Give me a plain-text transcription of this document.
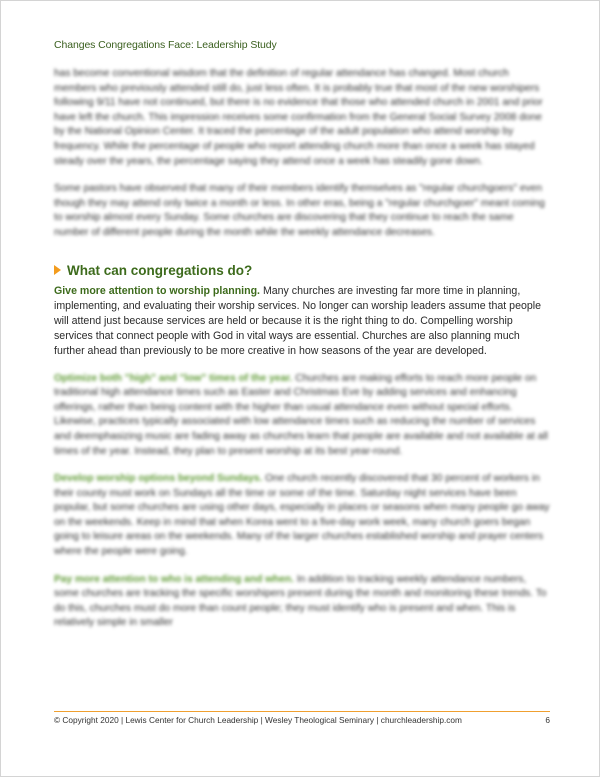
Changes Congregations Face: Leadership Study

has become conventional wisdom that the definition of regular attendance has changed. Most church members who previously attended still do, just less often. It is probably true that most of the new worshipers following 9/11 have not continued, but there is no evidence that those who attended church in 2001 and prior have left the church. This impression receives some confirmation from the General Social Survey 2008 done by the National Opinion Center. It traced the percentage of the adult population who attend worship by frequency. While the percentage of people who report attending church more than once a week has stayed steady over the years, the percentage saying they attend once a week has steadily gone down.

Some pastors have observed that many of their members identify themselves as "regular churchgoers" even though they may attend only twice a month or less. In other eras, being a "regular churchgoer" meant coming to worship almost every Sunday. Some churches are discovering that they continue to reach the same number of different people during the month while the weekly attendance decreases.

What can congregations do?

Give more attention to worship planning. Many churches are investing far more time in planning, implementing, and evaluating their worship services. No longer can worship leaders assume that people will attend just because services are held or because it is the right thing to do. Compelling worship services that connect people with God in vital ways are essential. Churches are also planning much further ahead than previously to be more creative in how seasons of the year are developed.

Optimize both "high" and "low" times of the year. Churches are making efforts to reach more people on traditional high attendance times such as Easter and Christmas Eve by adding services and enhancing offerings, rather than being content with the higher than usual attendance even without special efforts. Likewise, practices typically associated with low attendance times such as reducing the number of services and deemphasizing music are fading away as churches learn that people are available and not available at all times of the year. Instead, they plan to present worship at its best year-round.

Develop worship options beyond Sundays. One church recently discovered that 30 percent of workers in their county must work on Sundays all the time or some of the time. Saturday night services have been popular, but some churches are using other days, especially in places or seasons when many people go away on the weekends. Keep in mind that when Korea went to a five-day work week, many church goers began going to leisure areas on the weekends. Many of the larger churches established worship and prayer centers where the people were going.

Pay more attention to who is attending and when. In addition to tracking weekly attendance numbers, some churches are tracking the specific worshipers present during the month and monitoring these trends. To do this, churches must do more than count people; they must identify who is present and when. This is relatively simple in smaller

© Copyright 2020 | Lewis Center for Church Leadership | Wesley Theological Seminary | churchleadership.com	6
